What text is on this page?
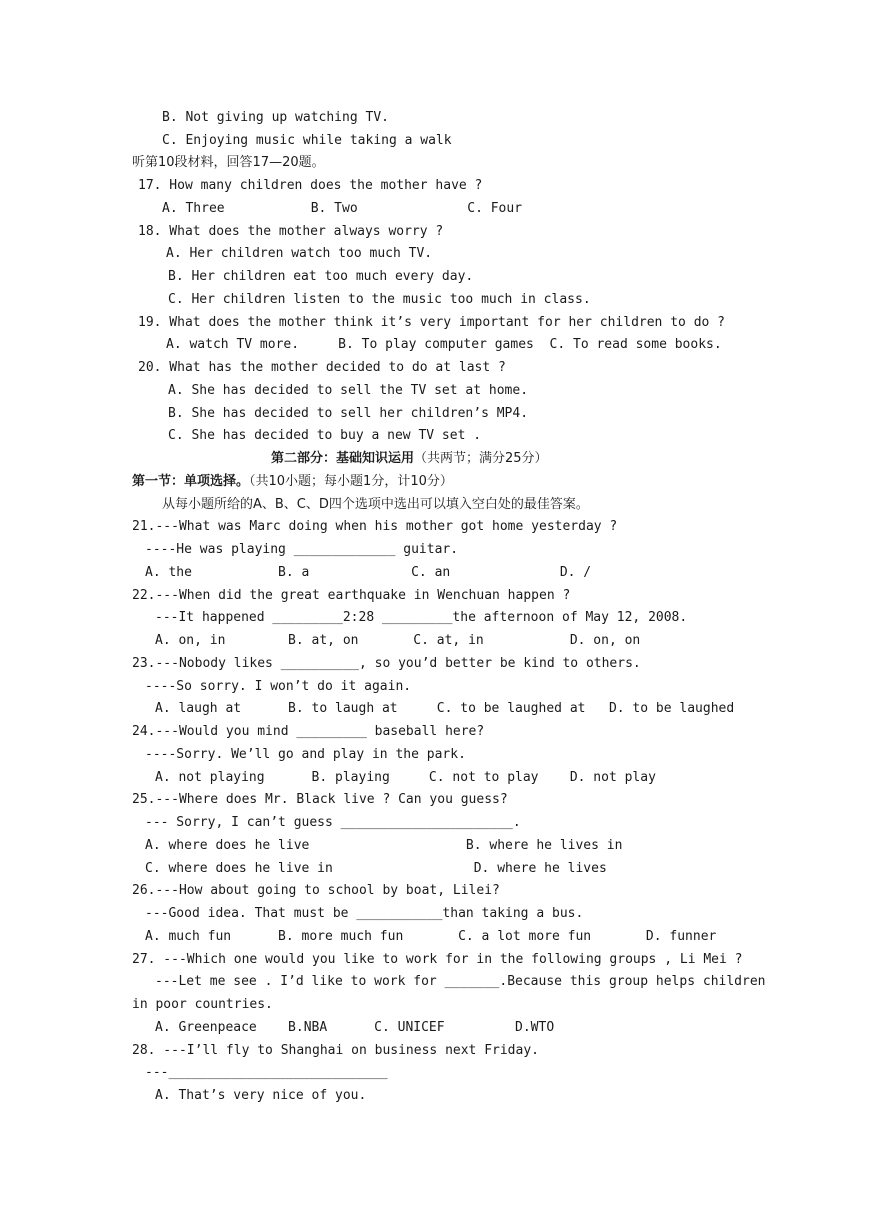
B. Not giving up watching TV.
C. Enjoying music while taking a walk
听第10段材料，回答17—20题。
17. How many children does the mother have ?
A. Three           B. Two              C. Four
18. What does the mother always worry ?
A. Her children watch too much TV.
B. Her children eat too much every day.
C. Her children listen to the music too much in class.
19. What does the mother think it’s very important for her children to do ?
A. watch TV more.     B. To play computer games  C. To read some books.
20. What has the mother decided to do at last ?
A. She has decided to sell the TV set at home.
B. She has decided to sell her children’s MP4.
C. She has decided to buy a new TV set .
第二部分：基础知识运用（共两节；满分25分）
第一节：单项选择。（共10小题；每小题1分，计10分）
从每小题所给的A、B、C、D四个选项中选出可以填入空白处的最佳答案。
21.---What was Marc doing when his mother got home yesterday ?
----He was playing _____________ guitar.
A. the           B. a             C. an              D. /
22.---When did the great earthquake in Wenchuan happen ?
---It happened _________2:28 _________the afternoon of May 12, 2008.
A. on, in        B. at, on       C. at, in           D. on, on
23.---Nobody likes __________, so you’d better be kind to others.
----So sorry. I won’t do it again.
A. laugh at      B. to laugh at     C. to be laughed at   D. to be laughed
24.---Would you mind _________ baseball here?
----Sorry. We’ll go and play in the park.
A. not playing      B. playing     C. not to play    D. not play
25.---Where does Mr. Black live ? Can you guess?
--- Sorry, I can’t guess ______________________.
A. where does he live                    B. where he lives in
C. where does he live in                  D. where he lives
26.---How about going to school by boat, Lilei?
---Good idea. That must be ___________than taking a bus.
A. much fun      B. more much fun       C. a lot more fun       D. funner
27. ---Which one would you like to work for in the following groups , Li Mei ?
---Let me see . I’d like to work for _______.Because this group helps children
in poor countries.
A. Greenpeace    B.NBA      C. UNICEF         D.WTO
28. ---I’ll fly to Shanghai on business next Friday.
---____________________________
A. That’s very nice of you.
